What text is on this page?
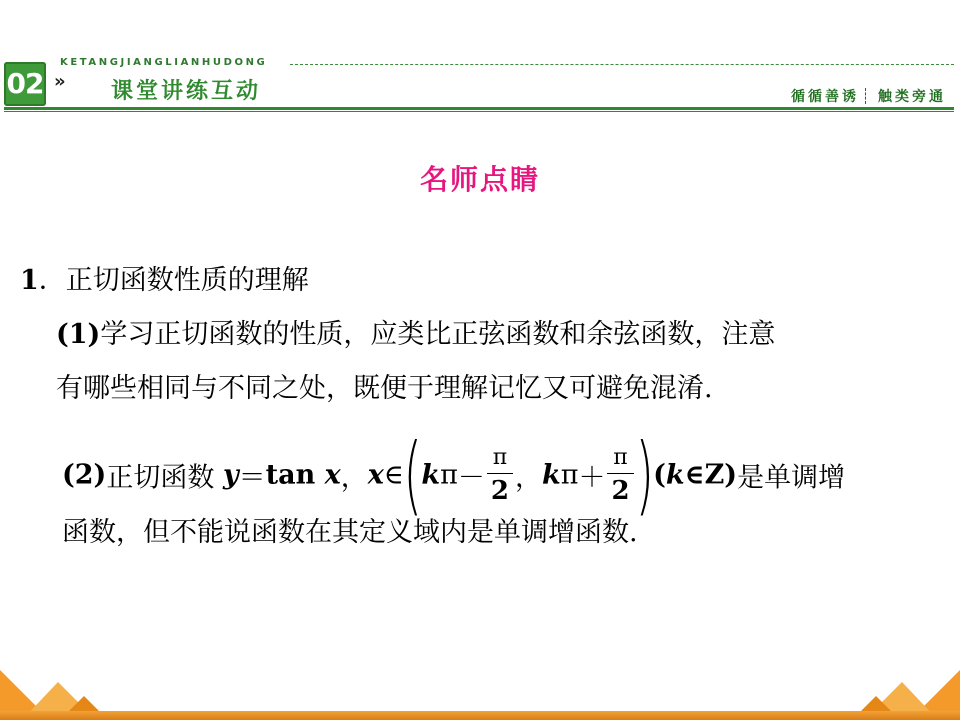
02
KETANGJIANGLIANHUDONG
» 课堂讲练互动	循循善诱 触类旁通
名师点睛
1．正切函数性质的理解
(1)学习正切函数的性质，应类比正弦函数和余弦函数，注意
有哪些相同与不同之处，既便于理解记忆又可避免混淆.
(2)正切函数 y＝tan x，x∈(kπ－ $\frac{\pi}{2}$ ，$k\pi+ \frac{\pi}{2}$ )(k∈Z)是单调增
函数，但不能说函数在其定义域内是单调增函数.
